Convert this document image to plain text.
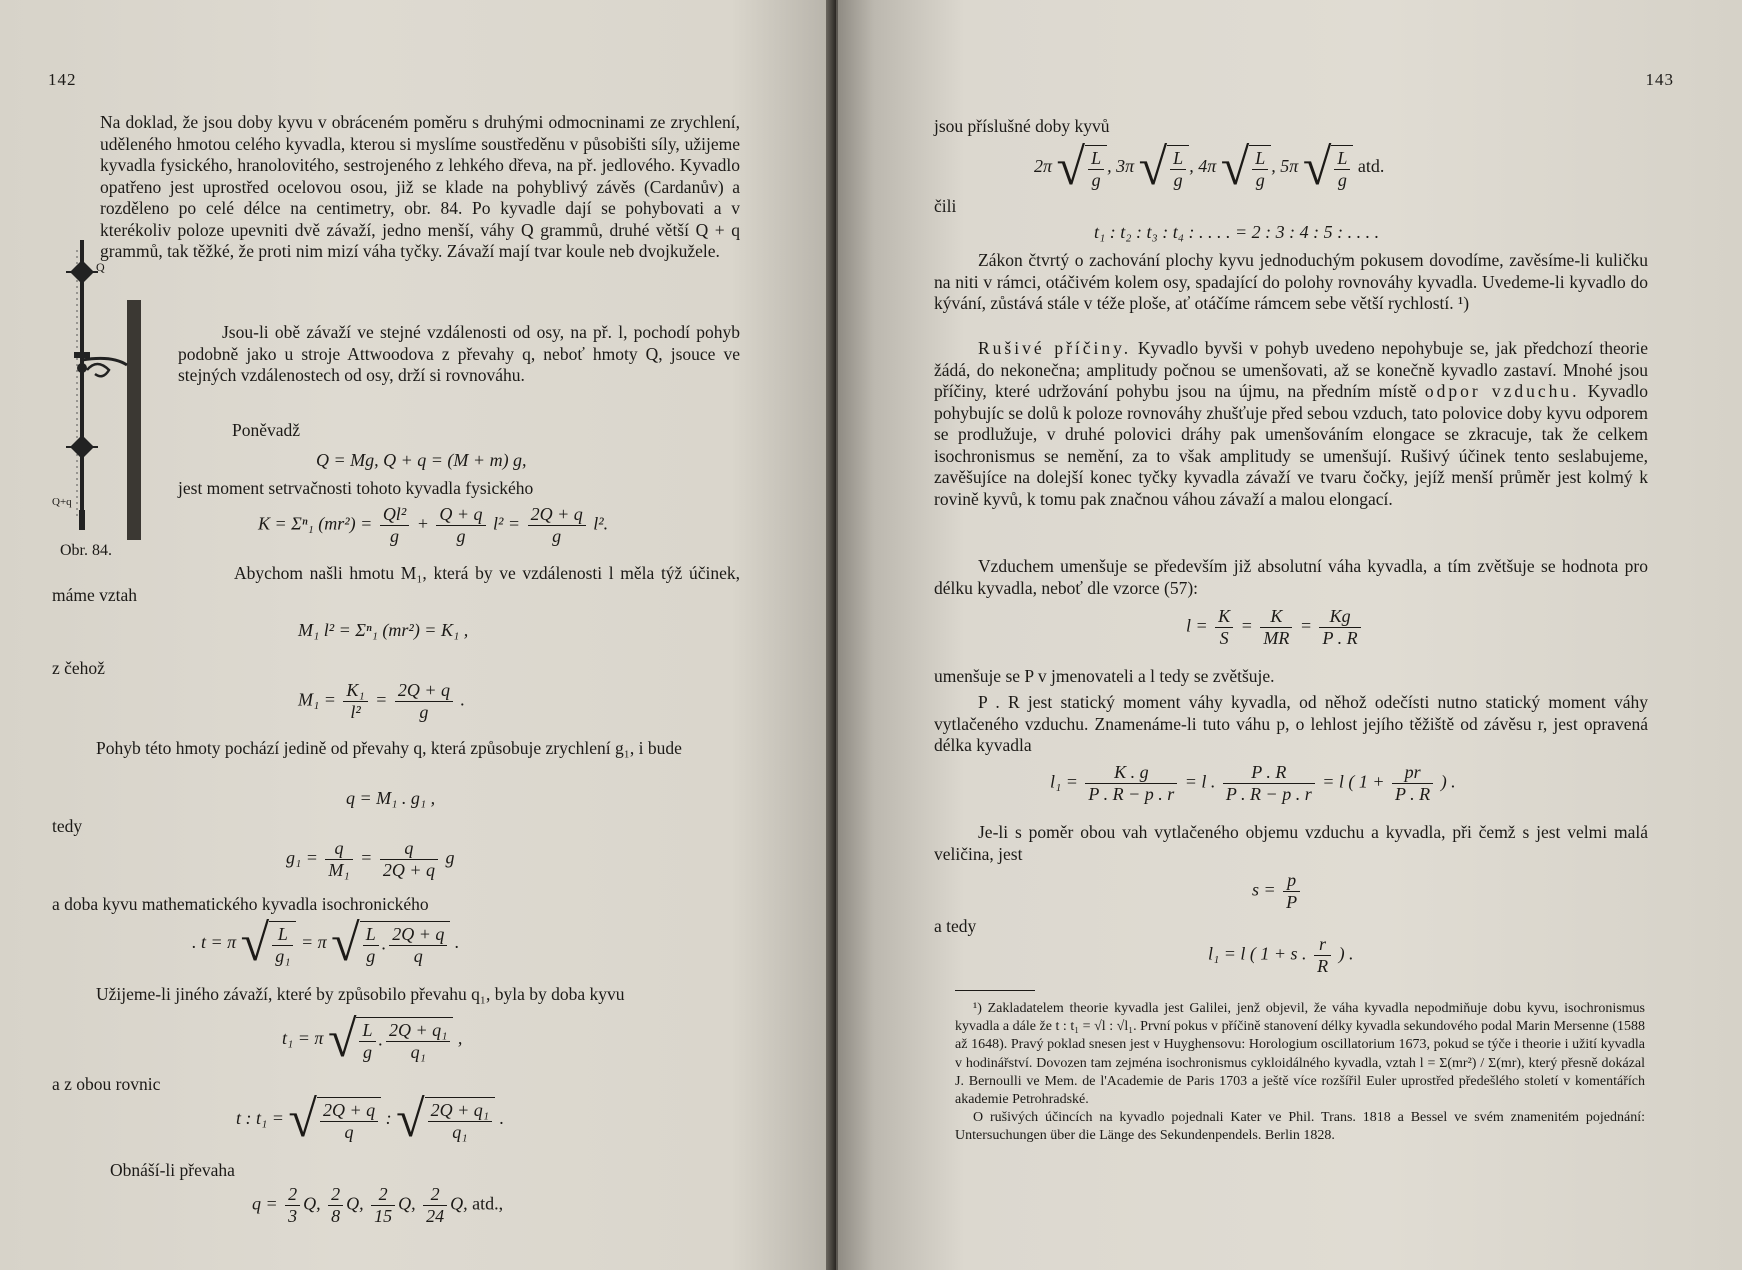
142

Na doklad, že jsou doby kyvu v obráceném poměru s druhými odmocninami ze zrychlení, uděleného hmotou celého kyvadla, kterou si myslíme soustředěnu v působišti síly, užijeme kyvadla fysického, hranolovitého, sestrojeného z lehkého dřeva, na př. jedlového. Kyvadlo opatřeno jest uprostřed ocelovou osou, již se klade na pohyblivý závěs (Cardanův) a rozděleno po celé délce na centimetry, obr. 84. Po kyvadle dají se pohybovati a v kterékoliv poloze upevniti dvě závaží, jedno menší, váhy Q grammů, druhé větší Q + q grammů, tak těžké, že proti nim mizí váha tyčky. Závaží mají tvar koule neb dvojkužele.

Q
Q+q
Obr. 84.

Jsou-li obě závaží ve stejné vzdálenosti od osy, na př. l, pochodí pohyb podobně jako u stroje Attwoodova z převahy q, neboť hmoty Q, jsouce ve stejných vzdálenostech od osy, drží si rovnováhu.

Poněvadž
Q = Mg, Q + q = (M + m) g,
jest moment setrvačnosti tohoto kyvadla fysického
K = Σⁿ₁ $(mr^2) = \frac{\text{Ql²}}{g} + \frac{Q + q}{g} l^2 = \frac{2Q + q}{g} l^2$.

Abychom našli hmotu M₁, která by ve vzdálenosti l měla týž účinek, máme vztah

M₁ l² = Σⁿ₁ (mr²) = K₁ ,
z čehož
$M_1 = \frac{\text{K₁}}{\text{l²}} = \frac{2Q + q}{g}$ .

Pohyb této hmoty pochází jedině od převahy q, která způsobuje zrychlení g₁, i bude

q = M₁ . g₁ ,
tedy
$g_1 = \frac{q}{\text{M₁}} = \frac{q}{2Q + q}$ g
a doba kyvu mathematického kyvadla isochronického
. t = π √ $\frac{L}{\text{g₁}} = \pi$ √ $\frac{L}{g}$ . $\frac{2Q + q}{q}$ .

Užijeme-li jiného závaží, které by způsobilo převahu q₁, byla by doba kyvu

t₁ = π √ $\frac{L}{g}$ . $\frac{\text{2Q + q₁}}{\text{q₁}}$ ,
a z obou rovnic
t : t₁ = √ $\frac{2Q + q}{q}$ : √ $\frac{\text{2Q + q₁}}{\text{q₁}}$ .
Obnáší-li převaha
$q = \frac{2}{3} Q$, $\frac{2}{8} Q$, $\frac{2}{15} Q$, $\frac{2}{24} Q$, atd.,
143
jsou příslušné doby kyvů
2π √ $\frac{L}{g}$ , 3π √ $\frac{L}{g}$ , 4π √ $\frac{L}{g}$ , 5π √ $\frac{L}{g}$ atd.
čili
t₁ : t₂ : t₃ : t₄ : . . . . = 2 : 3 : 4 : 5 : . . . .

Zákon čtvrtý o zachování plochy kyvu jednoduchým pokusem dovodíme, zavěsíme-li kuličku na niti v rámci, otáčivém kolem osy, spadající do polohy rovnováhy kyvadla. Uvedeme-li kyvadlo do kývání, zůstává stále v téže ploše, ať otáčíme rámcem sebe větší rychlostí. ¹)

Rušivé příčiny. Kyvadlo byvši v pohyb uvedeno nepohybuje se, jak předchozí theorie žádá, do nekonečna; amplitudy počnou se umenšovati, až se konečně kyvadlo zastaví. Mnohé jsou příčiny, které udržování pohybu jsou na újmu, na předním místě odpor vzduchu. Kyvadlo pohybujíc se dolů k poloze rovnováhy zhušťuje před sebou vzduch, tato polovice doby kyvu odporem se prodlužuje, v druhé polovici dráhy pak umenšováním elongace se zkracuje, tak že celkem isochronismus se nemění, za to však amplitudy se umenšují. Rušivý účinek tento seslabujeme, zavěšujíce na dolejší konec tyčky kyvadla závaží ve tvaru čočky, jejíž menší průměr jest kolmý k rovině kyvů, k tomu pak značnou váhou závaží a malou elongací.

Vzduchem umenšuje se především již absolutní váha kyvadla, a tím zvětšuje se hodnota pro délku kyvadla, neboť dle vzorce (57):

$l = \frac{K}{S} = \frac{K}{MR} = \frac{Kg}{P . R}$
umenšuje se P v jmenovateli a l tedy se zvětšuje.

P . R jest statický moment váhy kyvadla, od něhož odečísti nutno statický moment váhy vytlačeného vzduchu. Znamenáme-li tuto váhu p, o lehlost jejího těžiště od závěsu r, jest opravená délka kyvadla

$l_1 = \frac{K . g}{P . R - p . r} = l$ . $\frac{P . R}{P . R - p . r} = l$ ( $1 + \frac{pr}{P . R}$ ) .

Je-li s poměr obou vah vytlačeného objemu vzduchu a kyvadla, při čemž s jest velmi malá veličina, jest

$s = \frac{p}{P}$
a tedy
l₁ = l ( 1 + s . $\frac{r}{R}$ ) .

¹) Zakladatelem theorie kyvadla jest Galilei, jenž objevil, že váha kyvadla nepodmiňuje dobu kyvu, isochronismus kyvadla a dále že t : t₁ = √l : √l₁. První pokus v příčině stanovení délky kyvadla sekundového podal Marin Mersenne (1588 až 1648). Pravý poklad snesen jest v Huyghensovu: Horologium oscillatorium 1673, pokud se týče i theorie i užití kyvadla v hodinářství. Dovozen tam zejména isochronismus cykloidálného kyvadla, vztah l = Σ(mr²) / Σ(mr), který přesně dokázal J. Bernoulli ve Mem. de l'Academie de Paris 1703 a ještě více rozšířil Euler uprostřed předešlého století v komentářích akademie Petrohradské.

O rušivých účincích na kyvadlo pojednali Kater ve Phil. Trans. 1818 a Bessel ve svém znamenitém pojednání: Untersuchungen über die Länge des Sekundenpendels. Berlin 1828.
